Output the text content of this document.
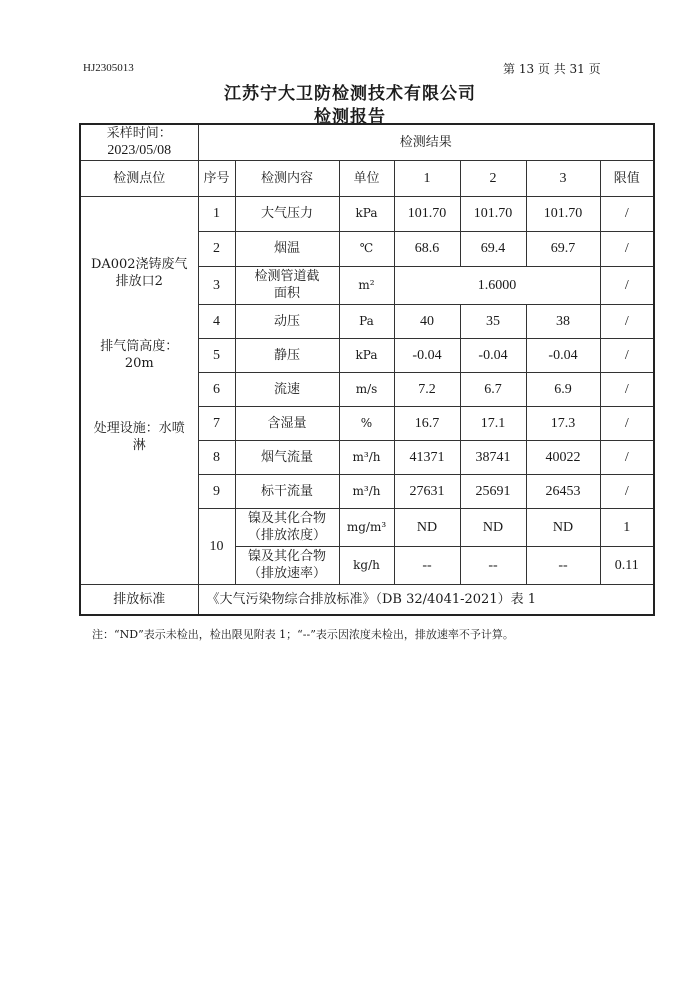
HJ2305013	第 13 页 共 31 页
江苏宁大卫防检测技术有限公司
检测报告
采样时间：
2023/05/08	检测结果						
检测点位	序号	检测内容	单位	1	2	3	限值

DA002浇铸废气排放口2
排气筒高度：20m
处理设施：水喷淋	1	大气压力	kPa	101.70	101.70	101.70	/
	2	烟温	℃	68.6	69.4	69.7	/
	3	检测管道截面积	m²	1.6000			/
	4	动压	Pa	40	35	38	/
	5	静压	kPa	-0.04	-0.04	-0.04	/
	6	流速	m/s	7.2	6.7	6.9	/
	7	含湿量	%	16.7	17.1	17.3	/
	8	烟气流量	m³/h	41371	38741	40022	/
	9	标干流量	m³/h	27631	25691	26453	/
	10	镍及其化合物（排放浓度）	mg/m³	ND	ND	ND	1
		镍及其化合物（排放速率）	kg/h	--	--	--	0.11
排放标准	《大气污染物综合排放标准》（DB 32/4041-2021）表 1						
注：“ND”表示未检出，检出限见附表 1；“--”表示因浓度未检出，排放速率不予计算。
